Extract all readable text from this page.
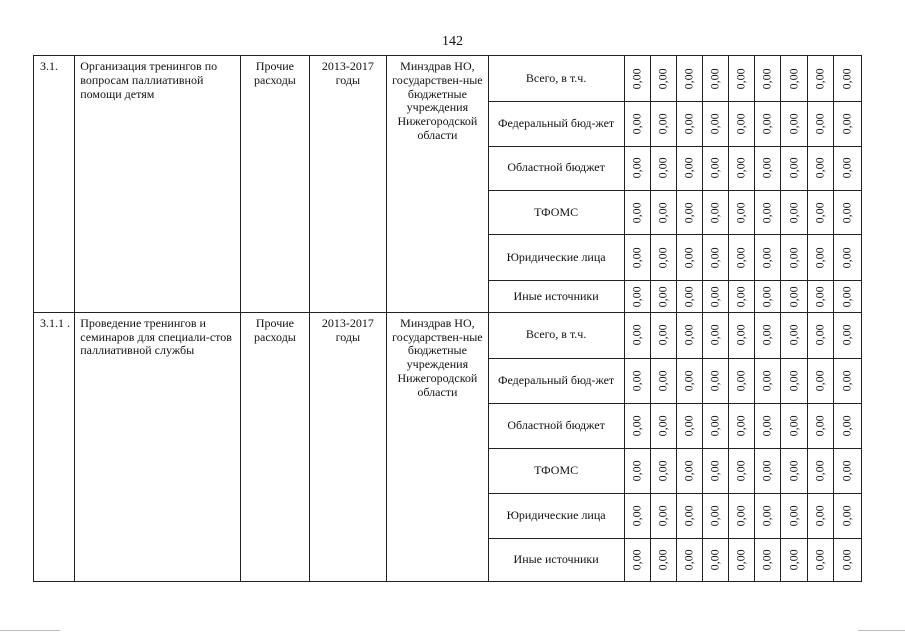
142
3.1.	Организация тренингов по вопросам паллиативной помощи детям	Прочие расходы	2013-2017 годы	Минздрав НО, государствен-ные бюджетные учреждения Нижегородской области	Всего, в т.ч.	0,00	0,00	0,00	0,00	0,00	0,00	0,00	0,00	0,00
					Федеральный бюд-жет	0,00	0,00	0,00	0,00	0,00	0,00	0,00	0,00	0,00
					Областной бюджет	0,00	0,00	0,00	0,00	0,00	0,00	0,00	0,00	0,00
					ТФОМС	0,00	0,00	0,00	0,00	0,00	0,00	0,00	0,00	0,00
					Юридические лица	0,00	0,00	0,00	0,00	0,00	0,00	0,00	0,00	0,00
					Иные источники	0,00	0,00	0,00	0,00	0,00	0,00	0,00	0,00	0,00
3.1.1 .	Проведение тренингов и семинаров для специали-стов паллиативной службы	Прочие расходы	2013-2017 годы	Минздрав НО, государствен-ные бюджетные учреждения Нижегородской области	Всего, в т.ч.	0,00	0,00	0,00	0,00	0,00	0,00	0,00	0,00	0,00
					Федеральный бюд-жет	0,00	0,00	0,00	0,00	0,00	0,00	0,00	0,00	0,00
					Областной бюджет	0,00	0,00	0,00	0,00	0,00	0,00	0,00	0,00	0,00
					ТФОМС	0,00	0,00	0,00	0,00	0,00	0,00	0,00	0,00	0,00
					Юридические лица	0,00	0,00	0,00	0,00	0,00	0,00	0,00	0,00	0,00
					Иные источники	0,00	0,00	0,00	0,00	0,00	0,00	0,00	0,00	0,00
